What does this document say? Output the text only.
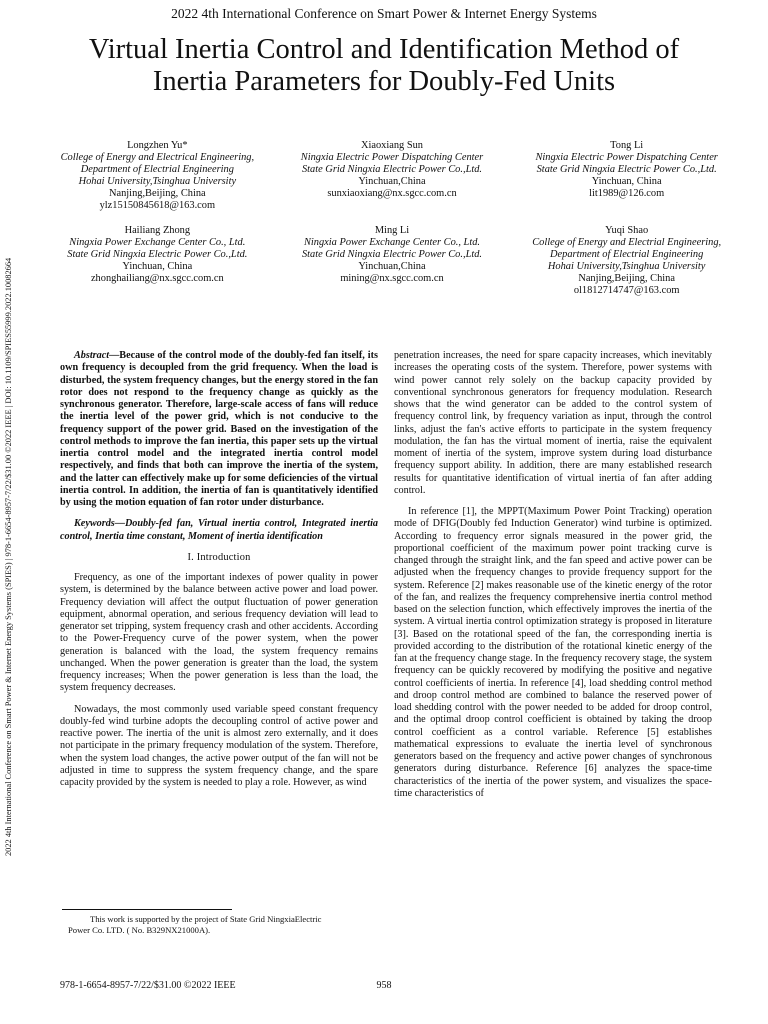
2022 4th International Conference on Smart Power & Internet Energy Systems
Virtual Inertia Control and Identification Method of
Inertia Parameters for Doubly-Fed Units
2022 4th International Conference on Smart Power & Internet Energy Systems (SPIES) | 978-1-6654-8957-7/22/$31.00 ©2022 IEEE | DOI: 10.1109/SPIES55999.2022.10082664
Longzhen Yu*
College of Energy and Electrical Engineering, Department of Electrial Engineering
Hohai University,Tsinghua University
Nanjing,Beijing, China
ylz15150845618@163.com
Xiaoxiang Sun
Ningxia Electric Power Dispatching Center
State Grid Ningxia Electric Power Co.,Ltd.
Yinchuan,China
sunxiaoxiang@nx.sgcc.com.cn
Tong Li
Ningxia Electric Power Dispatching Center
State Grid Ningxia Electric Power Co.,Ltd.
Yinchuan, China
lit1989@126.com
Hailiang Zhong
Ningxia Power Exchange Center Co., Ltd.
State Grid Ningxia Electric Power Co.,Ltd.
Yinchuan, China
zhonghailiang@nx.sgcc.com.cn
Ming Li
Ningxia Power Exchange Center Co., Ltd.
State Grid Ningxia Electric Power Co.,Ltd.
Yinchuan,China
mining@nx.sgcc.com.cn
Yuqi Shao
College of Energy and Electrial Engineering, Department of Electrial Engineering
Hohai University,Tsinghua University
Nanjing,Beijing, China
ol1812714747@163.com

Abstract—Because of the control mode of the doubly-fed fan itself, its own frequency is decoupled from the grid frequency. When the load is disturbed, the system frequency changes, but the energy stored in the fan rotor does not respond to the frequency change as quickly as the synchronous generator. Therefore, large-scale access of fans will reduce the inertia level of the power grid, which is not conducive to the frequency support of the power grid. Based on the investigation of the control methods to improve the fan inertia, this paper sets up the virtual inertia control model and the integrated inertia control model respectively, and finds that both can improve the inertia of the system, and the latter can effectively make up for some deficiencies of the virtual inertia control. In addition, the inertia of fan is quantitatively identified by using the motion equation of fan rotor under disturbance.

Keywords—Doubly-fed fan, Virtual inertia control, Integrated inertia control, Inertia time constant, Moment of inertia identification

I. Introduction

Frequency, as one of the important indexes of power quality in power system, is determined by the balance between active power and load power. Frequency deviation will affect the output fluctuation of power generation equipment, abnormal operation, and serious frequency deviation will lead to generator set tripping, system frequency crash and other accidents. According to the Power-Frequency curve of the power system, when the power generation is balanced with the load, the system frequency remains unchanged. When the power generation is greater than the load, the system frequency increases; When the power generation is less than the load, the system frequency decreases.

Nowadays, the most commonly used variable speed constant frequency doubly-fed wind turbine adopts the decoupling control of active power and reactive power. The inertia of the unit is almost zero externally, and it does not participate in the primary frequency modulation of the system. Therefore, when the system load changes, the active power output of the fan will not be adjusted in time to suppress the system frequency change, and the spare capacity provided by the system is needed to play a role. However, as wind

penetration increases, the need for spare capacity increases, which inevitably increases the operating costs of the system. Therefore, power systems with wind power cannot rely solely on the backup capacity provided by conventional synchronous generators for frequency modulation. Research shows that the wind generator can be added to the control system of frequency control link, by frequency variation as input, through the control links, adjust the fan's active efforts to participate in the system frequency modulation, the fan has the virtual moment of inertia, raise the equivalent moment of inertia of the system, improve system during load disturbance frequency support ability. In addition, there are many established research results for quantitative identification of virtual inertia of fan after adding control.

In reference [1], the MPPT(Maximum Power Point Tracking) operation mode of DFIG(Doubly fed Induction Generator) wind turbine is optimized. According to frequency error signals measured in the power grid, the proportional coefficient of the maximum power point tracking curve is changed through the straight link, and the fan speed and active power can be adjusted when the frequency changes to provide frequency support for the system. Reference [2] makes reasonable use of the kinetic energy of the rotor of the fan, and realizes the frequency comprehensive inertia control method based on the selection function, which effectively improves the inertia of the system. A virtual inertia control optimization strategy is proposed in literature [3]. Based on the rotational speed of the fan, the corresponding inertia is provided according to the distribution of the rotational kinetic energy of the fan at the frequency change stage. In the frequency recovery stage, the system frequency can be quickly recovered by modifying the positive and negative control coefficients of inertia. In reference [4], load shedding control method and droop control method are combined to balance the reserved power of load shedding control with the power needed to be added for droop control, and the optimal droop control coefficient is obtained by taking the droop control coefficient as a control variable. Reference [5] establishes mathematical expressions to evaluate the inertia level of synchronous generators based on the frequency and active power changes of synchronous generators during disturbance. Reference [6] analyzes the space-time characteristics of the inertia of the power system, and visualizes the space-time characteristics of

This work is supported by the project of State Grid NingxiaElectric
Power Co. LTD. ( No. B329NX21000A).
978-1-6654-8957-7/22/$31.00 ©2022 IEEE	958
